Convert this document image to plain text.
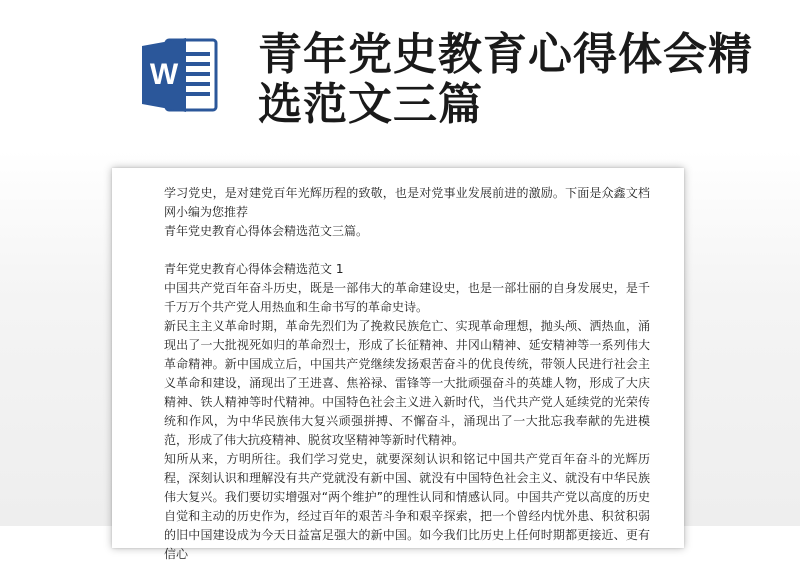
W 青年党史教育心得体会精选范文三篇

学习党史，是对建党百年光辉历程的致敬，也是对党事业发展前进的激励。下面是众鑫文档网小编为您推荐

青年党史教育心得体会精选范文三篇。

青年党史教育心得体会精选范文 1

中国共产党百年奋斗历史，既是一部伟大的革命建设史，也是一部壮丽的自身发展史，是千千万万个共产党人用热血和生命书写的革命史诗。

新民主主义革命时期，革命先烈们为了挽救民族危亡、实现革命理想，抛头颅、洒热血，涌现出了一大批视死如归的革命烈士，形成了长征精神、井冈山精神、延安精神等一系列伟大革命精神。新中国成立后，中国共产党继续发扬艰苦奋斗的优良传统，带领人民进行社会主义革命和建设，涌现出了王进喜、焦裕禄、雷锋等一大批顽强奋斗的英雄人物，形成了大庆精神、铁人精神等时代精神。中国特色社会主义进入新时代，当代共产党人延续党的光荣传统和作风，为中华民族伟大复兴顽强拼搏、不懈奋斗，涌现出了一大批忘我奉献的先进模范，形成了伟大抗疫精神、脱贫攻坚精神等新时代精神。

知所从来，方明所往。我们学习党史，就要深刻认识和铭记中国共产党百年奋斗的光辉历程，深刻认识和理解没有共产党就没有新中国、就没有中国特色社会主义、就没有中华民族伟大复兴。我们要切实增强对“两个维护”的理性认同和情感认同。中国共产党以高度的历史自觉和主动的历史作为，经过百年的艰苦斗争和艰辛探索，把一个曾经内忧外患、积贫积弱的旧中国建设成为今天日益富足强大的新中国。如今我们比历史上任何时期都更接近、更有信心
